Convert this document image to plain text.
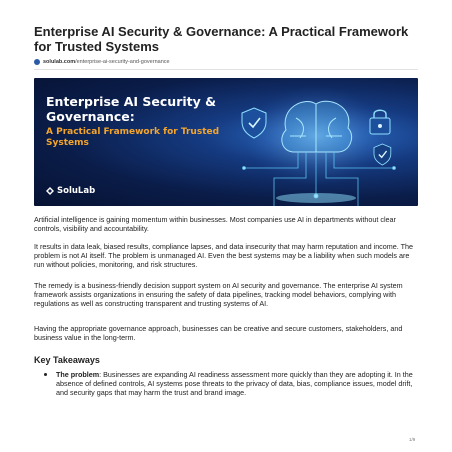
Enterprise AI Security & Governance: A Practical Framework for Trusted Systems
solulab.com /enterprise-ai-security-and-governance
Enterprise AI Security & Governance:
A Practical Framework for Trusted Systems
SoluLab

Artificial intelligence is gaining momentum within businesses. Most companies use AI in departments without clear controls, visibility and accountability.

It results in data leak, biased results, compliance lapses, and data insecurity that may harm reputation and income. The problem is not AI itself. The problem is unmanaged AI. Even the best systems may be a liability when such models are run without policies, monitoring, and risk structures.

The remedy is a business-friendly decision support system on AI security and governance. The enterprise AI system framework assists organizations in ensuring the safety of data pipelines, tracking model behaviors, complying with regulations as well as constructing transparent and trusting systems of AI.

Having the appropriate governance approach, businesses can be creative and secure customers, stakeholders, and business value in the long-term.

Key Takeaways

The problem: Businesses are expanding AI readiness assessment more quickly than they are adopting it. In the absence of defined controls, AI systems pose threats to the privacy of data, bias, compliance issues, model drift, and security gaps that may harm the trust and brand image.

1/9
